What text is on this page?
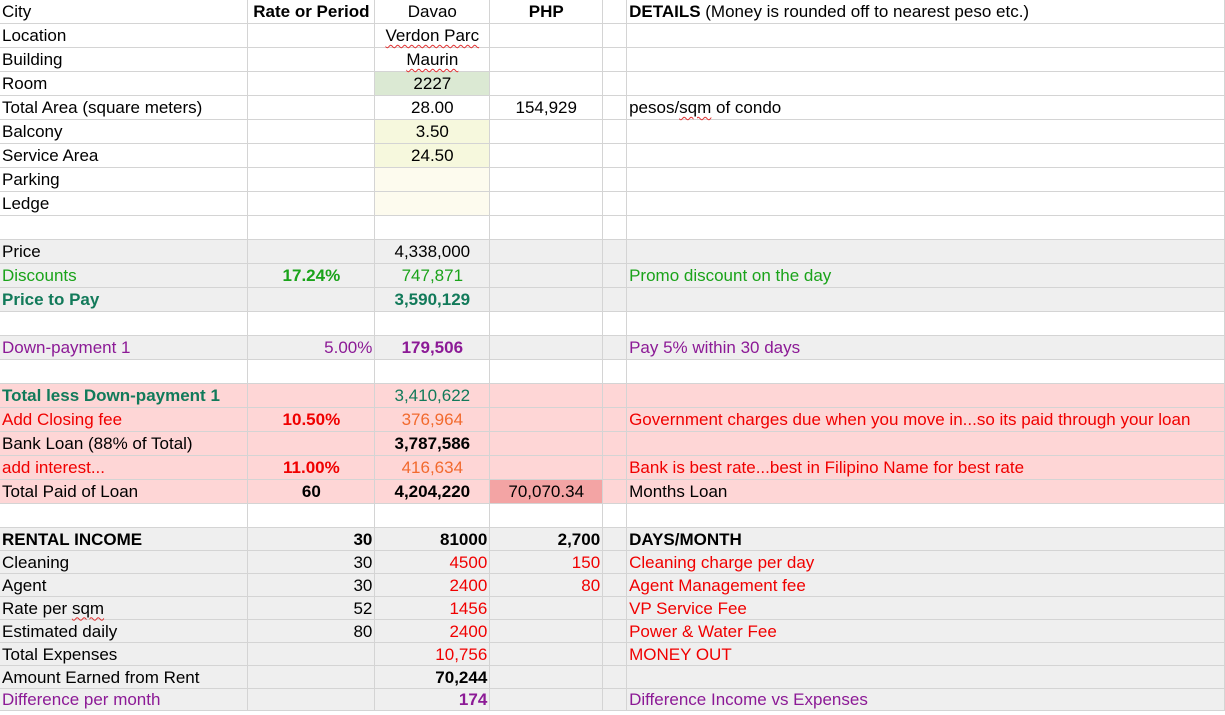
City	Rate or Period	Davao	PHP		DETAILS (Money is rounded off to nearest peso etc.)
Location		Verdon Parc			
Building		Maurin			
Room		2227			
Total Area (square meters)		28.00	154,929		pesos/sqm of condo
Balcony		3.50			
Service Area		24.50			
Parking					
Ledge					

Price		4,338,000			
Discounts	17.24%	747,871			Promo discount on the day
Price to Pay		3,590,129			

Down-payment 1	5.00%	179,506			Pay 5% within 30 days

Total less Down-payment 1		3,410,622			
Add Closing fee	10.50%	376,964			Government charges due when you move in...so its paid through your loan
Bank Loan (88% of Total)		3,787,586			
add interest...	11.00%	416,634			Bank is best rate...best in Filipino Name for best rate
Total Paid of Loan	60	4,204,220	70,070.34		Months Loan

RENTAL INCOME	30	81000	2,700		DAYS/MONTH
Cleaning	30	4500	150		Cleaning charge per day
Agent	30	2400	80		Agent Management fee
Rate per sqm	52	1456			VP Service Fee
Estimated daily	80	2400			Power & Water Fee
Total Expenses		10,756			MONEY OUT
Amount Earned from Rent		70,244			
Difference per month		174			Difference Income vs Expenses
